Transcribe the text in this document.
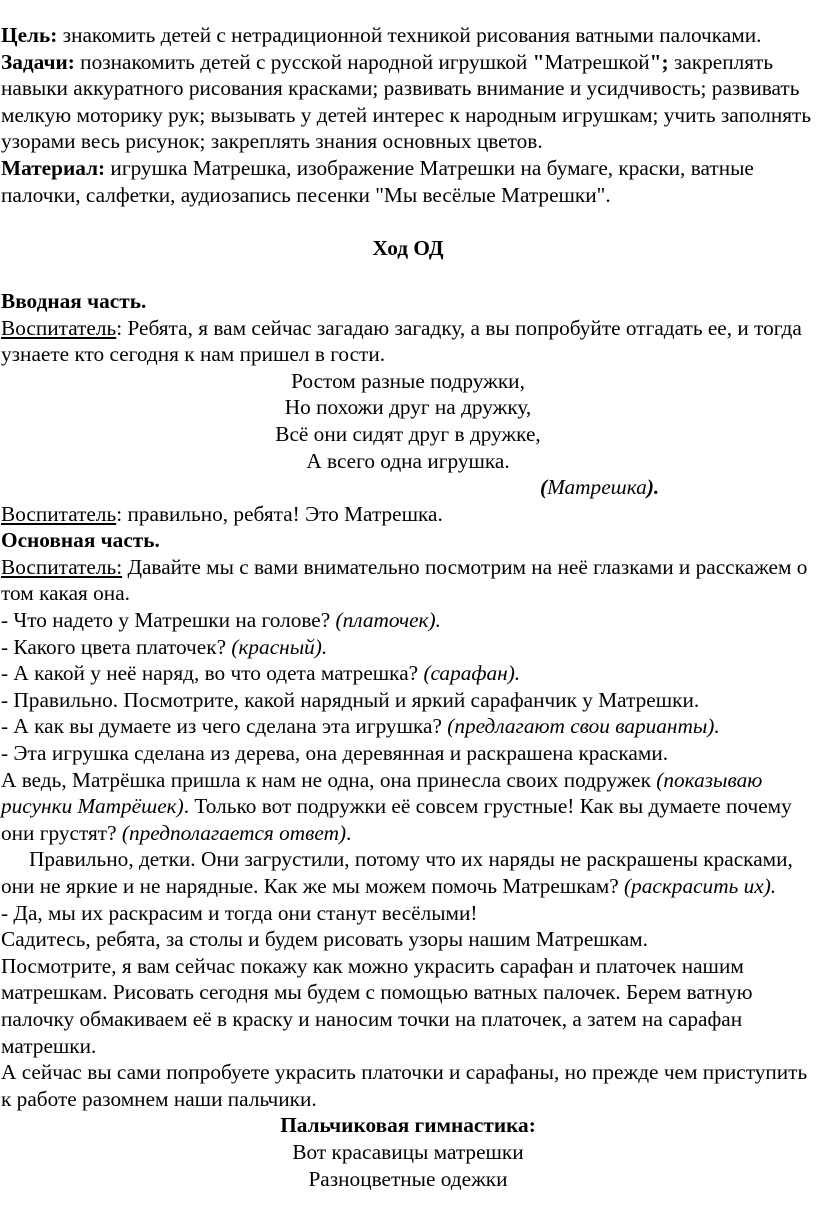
Цель: знакомить детей с нетрадиционной техникой рисования ватными палочками.

Задачи: познакомить детей с русской народной игрушкой "Матрешкой"; закреплять навыки аккуратного рисования красками; развивать внимание и усидчивость; развивать мелкую моторику рук; вызывать у детей интерес к народным игрушкам; учить заполнять узорами весь рисунок; закреплять знания основных цветов.

Материал: игрушка Матрешка, изображение Матрешки на бумаге, краски, ватные палочки, салфетки, аудиозапись песенки "Мы весёлые Матрешки".

Ход ОД

Вводная часть.

Воспитатель: Ребята, я вам сейчас загадаю загадку, а вы попробуйте отгадать ее, и тогда узнаете кто сегодня к нам пришел в гости.

Ростом разные подружки,

Но похожи друг на дружку,

Всё они сидят друг в дружке,

А всего одна игрушка.

(Матрешка).

Воспитатель: правильно, ребята! Это Матрешка.

Основная часть.

Воспитатель: Давайте мы с вами внимательно посмотрим на неё глазками и расскажем о том какая она.

- Что надето у Матрешки на голове? (платочек).

- Какого цвета платочек? (красный).

- А какой у неё наряд, во что одета матрешка? (сарафан).

- Правильно. Посмотрите, какой нарядный и яркий сарафанчик у Матрешки.

- А как вы думаете из чего сделана эта игрушка? (предлагают свои варианты).

- Эта игрушка сделана из дерева, она деревянная и раскрашена красками.

А ведь, Матрёшка пришла к нам не одна, она принесла своих подружек (показываю рисунки Матрёшек). Только вот подружки её совсем грустные! Как вы думаете почему они грустят? (предполагается ответ).

Правильно, детки. Они загрустили, потому что их наряды не раскрашены красками, они не яркие и не нарядные. Как же мы можем помочь Матрешкам? (раскрасить их).

- Да, мы их раскрасим и тогда они станут весёлыми!

Садитесь, ребята, за столы и будем рисовать узоры нашим Матрешкам.

Посмотрите, я вам сейчас покажу как можно украсить сарафан и платочек нашим матрешкам. Рисовать сегодня мы будем с помощью ватных палочек. Берем ватную палочку обмакиваем её в краску и наносим точки на платочек, а затем на сарафан матрешки.

А сейчас вы сами попробуете украсить платочки и сарафаны, но прежде чем приступить к работе разомнем наши пальчики.

Пальчиковая гимнастика:

Вот красавицы матрешки

Разноцветные одежки
